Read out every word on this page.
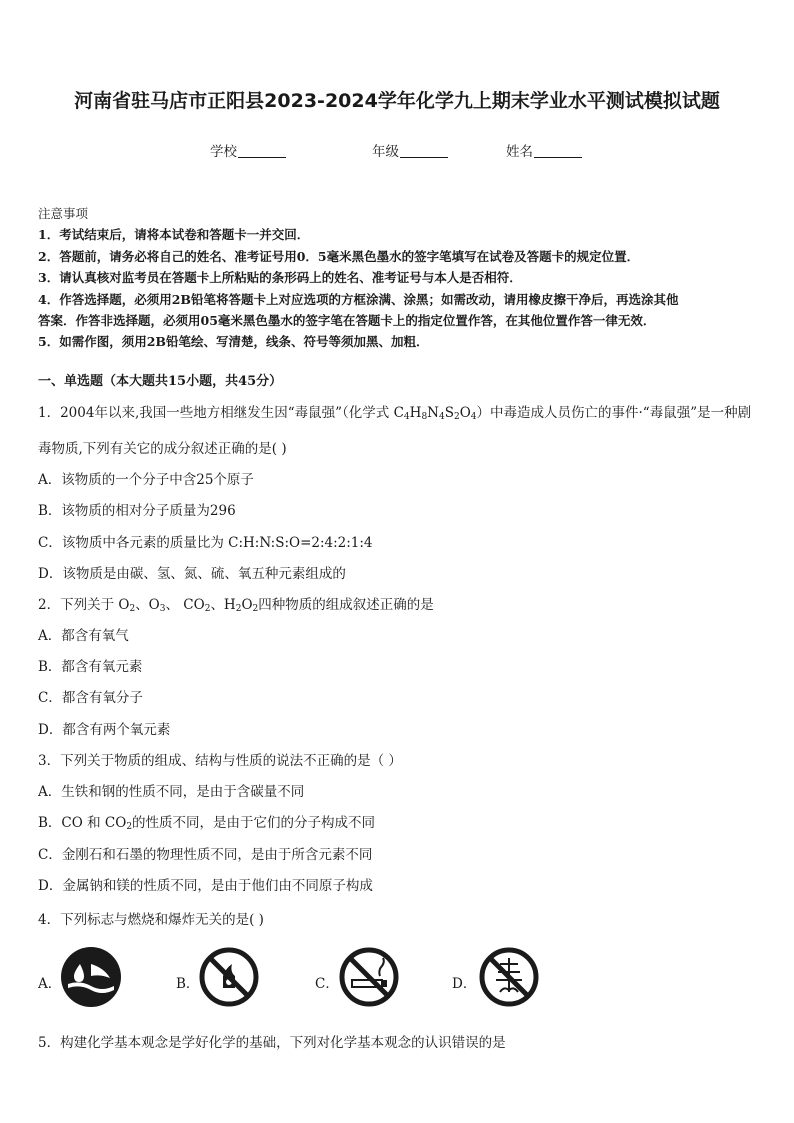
河南省驻马店市正阳县2023-2024学年化学九上期末学业水平测试模拟试题
学校	年级	姓名
注意事项
1．考试结束后，请将本试卷和答题卡一并交回．
2．答题前，请务必将自己的姓名、准考证号用0．5毫米黑色墨水的签字笔填写在试卷及答题卡的规定位置．
3．请认真核对监考员在答题卡上所粘贴的条形码上的姓名、准考证号与本人是否相符．
4．作答选择题，必须用2B铅笔将答题卡上对应选项的方框涂满、涂黑；如需改动，请用橡皮擦干净后，再选涂其他
答案．作答非选择题，必须用05毫米黑色墨水的签字笔在答题卡上的指定位置作答，在其他位置作答一律无效．
5．如需作图，须用2B铅笔绘、写清楚，线条、符号等须加黑、加粗．
一、单选题（本大题共15小题，共45分）
1．2004年以来,我国一些地方相继发生因“毒鼠强”（化学式 $C_4H_8N_4S_2O_4$）中毒造成人员伤亡的事件·“毒鼠强”是一种剧
毒物质,下列有关它的成分叙述正确的是( )
A．该物质的一个分子中含25个原子
B．该物质的相对分子质量为296
C．该物质中各元素的质量比为 C:H:N:S:O=2:4:2:1:4
D．该物质是由碳、氢、氮、硫、氧五种元素组成的
2．下列关于 $O_2$、$O_3$、 $CO_2$、$H_2O_2$四种物质的组成叙述正确的是
A．都含有氧气
B．都含有氧元素
C．都含有氧分子
D．都含有两个氧元素
3．下列关于物质的组成、结构与性质的说法不正确的是（ ）
A．生铁和钢的性质不同，是由于含碳量不同
B．CO 和 $CO_2$的性质不同，是由于它们的分子构成不同
C．金刚石和石墨的物理性质不同，是由于所含元素不同
D．金属钠和镁的性质不同，是由于他们由不同原子构成
4．下列标志与燃烧和爆炸无关的是( )
A．	B．	C．	D．
5．构建化学基本观念是学好化学的基础，下列对化学基本观念的认识错误的是
